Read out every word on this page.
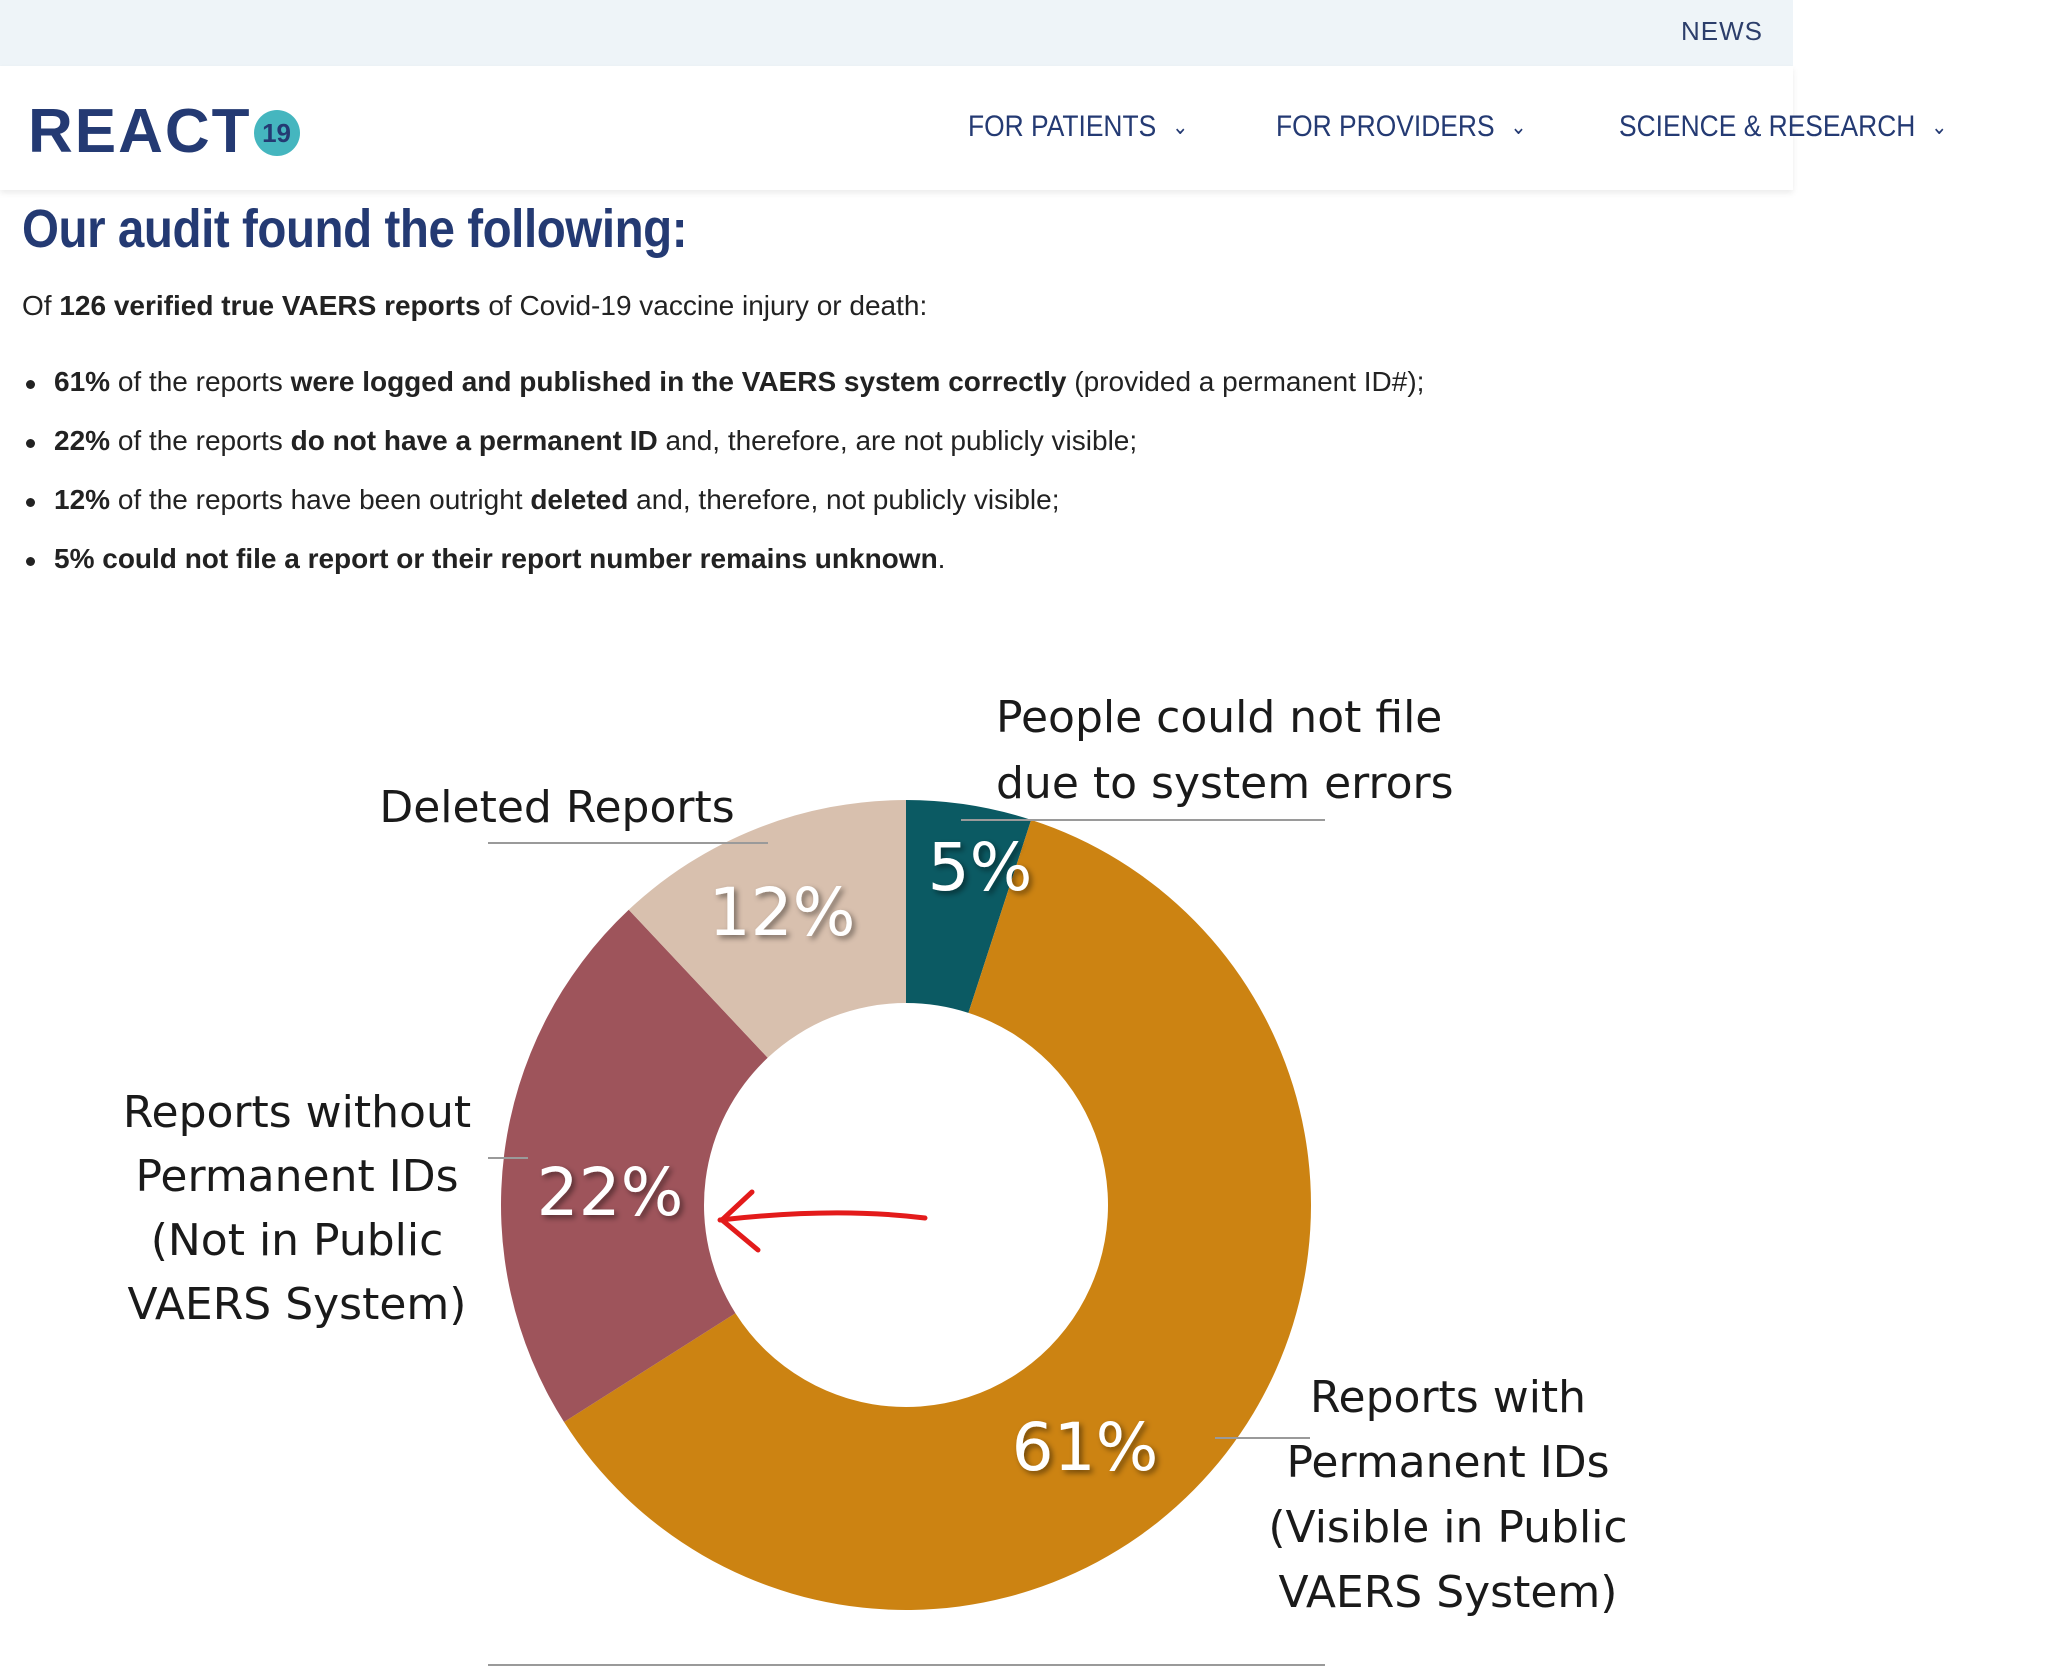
NEWS
REACT 19	FOR PATIENTS ⌄	FOR PROVIDERS ⌄	SCIENCE & RESEARCH ⌄
Our audit found the following:

Of 126 verified true VAERS reports of Covid-19 vaccine injury or death:

61% of the reports were logged and published in the VAERS system correctly (provided a permanent ID#);
22% of the reports do not have a permanent ID and, therefore, are not publicly visible;
12% of the reports have been outright deleted and, therefore, not publicly visible;
5% could not file a report or their report number remains unknown.
People could not file due to system errors
Reports with Permanent IDs (Visible in Public VAERS System)
Reports without Permanent IDs (Not in Public VAERS System)
Deleted Reports
5%
61%
22%
12%
